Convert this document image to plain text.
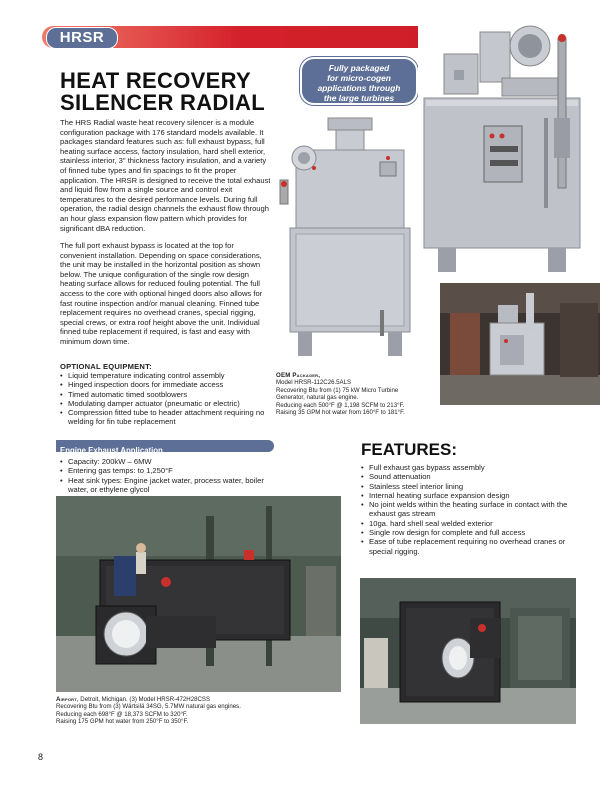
HRSR
HEAT RECOVERY
SILENCER RADIAL

The HRS Radial waste heat recovery silencer is a module configuration package with 176 standard models available. It packages standard features such as: full exhaust bypass, full heating surface access, factory insulation, hard shell exterior, stainless interior, 3" thickness factory insulation, and a variety of finned tube types and fin spacings to fit the proper application. The HRSR is designed to receive the total exhaust and liquid flow from a single source and control exit temperatures to the desired performance levels. During full operation, the radial design channels the exhaust flow through an hour glass expansion flow pattern which provides for significant dBA reduction.

The full port exhaust bypass is located at the top for convenient installation. Depending on space considerations, the unit may be installed in the horizontal position as shown below. The unique configuration of the single row design heating surface allows for reduced fouling potential. The full access to the core with optional hinged doors also allows for fast routine inspection and/or manual cleaning. Finned tube replacement requires no overhead cranes, special rigging, special crews, or extra roof height above the unit. Individual finned tube replacement if required, is fast and easy with minimum down time.

OPTIONAL EQUIPMENT:
• Liquid temperature indicating control assembly
• Hinged inspection doors for immediate access
• Timed automatic timed sootblowers
• Modulating damper actuator (pneumatic or electric)
• Compression fitted tube to header attachment requiring no welding for fin tube replacement
Fully packaged
for micro-cogen
applications through
the large turbines
OEM Packager,
Model HRSR-112C26.5ALS
Recovering Btu from (1) 75 kW Micro Turbine
Generator, natural gas engine.
Reducing each 500°F @ 1,198 SCFM to 213°F.
Raising 35 GPM hot water from 160°F to 181°F.
Engine Exhaust Application
• Capacity: 200kW – 6MW
• Entering gas temps: to 1,250°F
• Heat sink types: Engine jacket water, process water, boiler water, or ethylene glycol
FEATURES:
• Full exhaust gas bypass assembly
• Sound attenuation
• Stainless steel interior lining
• Internal heating surface expansion design
• No joint welds within the heating surface in contact with the exhaust gas stream
• 10ga. hard shell seal welded exterior
• Single row design for complete and full access
• Ease of tube replacement requiring no overhead cranes or special rigging.
Airport, Detroit, Michigan. (3) Model HRSR-472H28CSS
Recovering Btu from (3) Wärtsilä 34SG, 5.7MW natural gas engines.
Reducing each 698°F @ 18,373 SCFM to 320°F.
Raising 175 GPM hot water from 250°F to 350°F.
8
